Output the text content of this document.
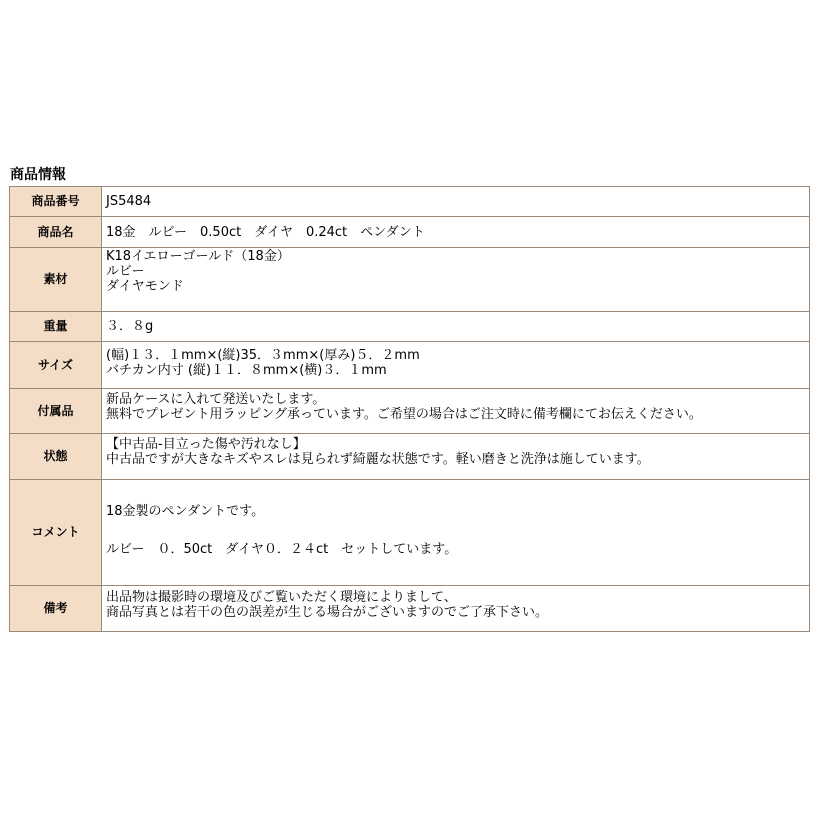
商品情報
商品番号	JS5484

商品名	18金　ルビー　0.50ct　ダイヤ　0.24ct　ペンダント

素材	K18イエローゴールド（18金）
ルビー
ダイヤモンド

重量	３．８g

サイズ	(幅)１３．１mm×(縦)35．３mm×(厚み)５．２mm
バチカン内寸 (縦)１１．８mm×(横)３．１mm

付属品	新品ケースに入れて発送いたします。
無料でプレゼント用ラッピング承っています。ご希望の場合はご注文時に備考欄にてお伝えください。

状態	【中古品-目立った傷や汚れなし】
中古品ですが大きなキズやスレは見られず綺麗な状態です。軽い磨きと洗浄は施しています。

コメント	18金製のペンダントです。
ルビー　０．50ct　ダイヤ０．２４ct　セットしています。

備考	出品物は撮影時の環境及びご覧いただく環境によりまして、
商品写真とは若干の色の誤差が生じる場合がございますのでご了承下さい。
